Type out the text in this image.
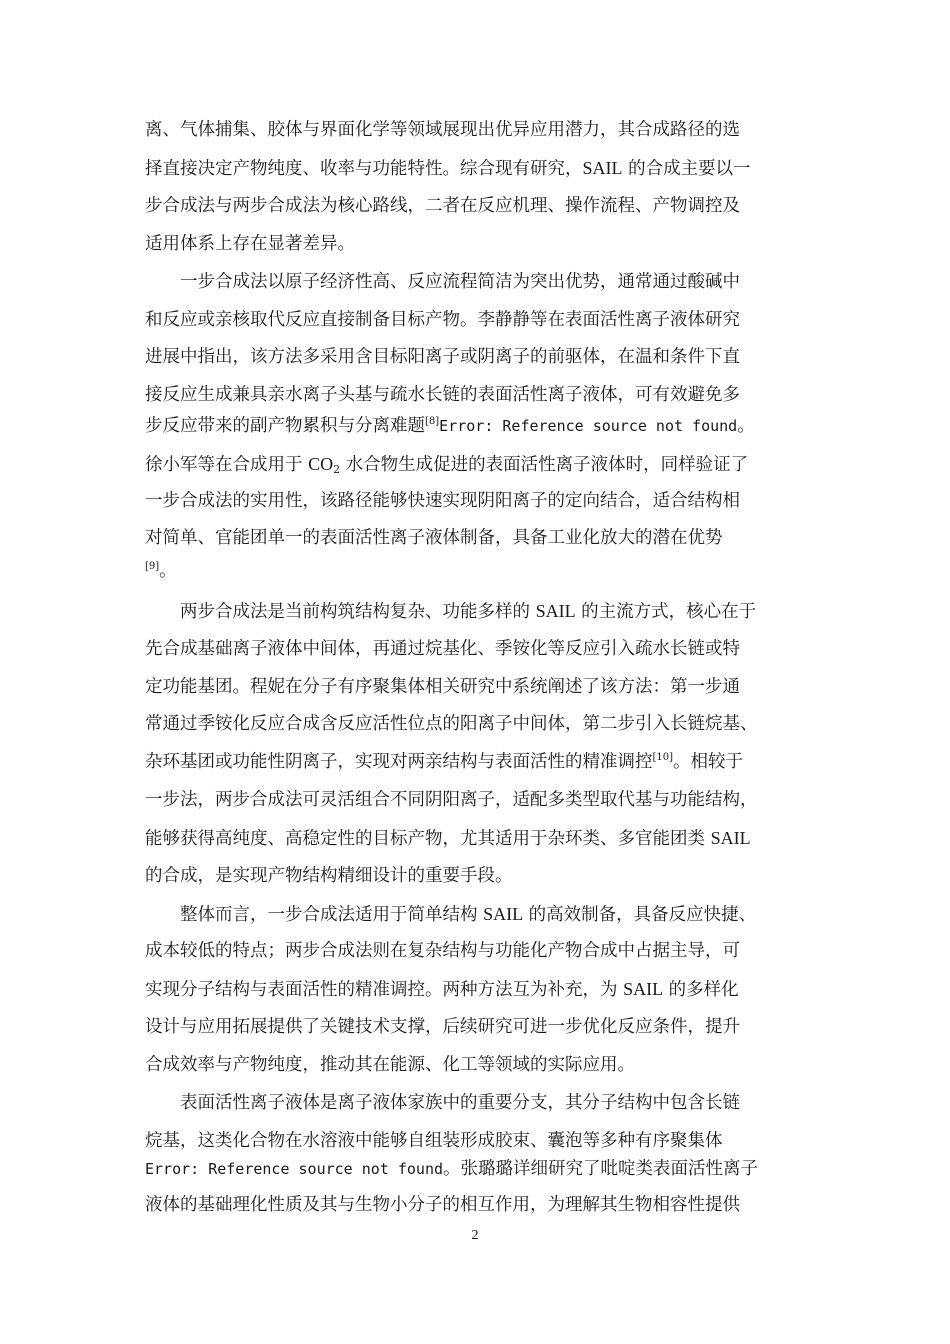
离、气体捕集、胶体与界面化学等领域展现出优异应用潜力，其合成路径的选
择直接决定产物纯度、收率与功能特性。综合现有研究，SAIL 的合成主要以一
步合成法与两步合成法为核心路线，二者在反应机理、操作流程、产物调控及
适用体系上存在显著差异。
一步合成法以原子经济性高、反应流程简洁为突出优势，通常通过酸碱中
和反应或亲核取代反应直接制备目标产物。李静静等在表面活性离子液体研究
进展中指出，该方法多采用含目标阳离子或阴离子的前驱体，在温和条件下直
接反应生成兼具亲水离子头基与疏水长链的表面活性离子液体，可有效避免多
步反应带来的副产物累积与分离难题[8]Error: Reference source not found。
徐小军等在合成用于 $CO_2$ 水合物生成促进的表面活性离子液体时，同样验证了
一步合成法的实用性，该路径能够快速实现阴阳离子的定向结合，适合结构相
对简单、官能团单一的表面活性离子液体制备，具备工业化放大的潜在优势
[9]。
两步合成法是当前构筑结构复杂、功能多样的 SAIL 的主流方式，核心在于
先合成基础离子液体中间体，再通过烷基化、季铵化等反应引入疏水长链或特
定功能基团。程妮在分子有序聚集体相关研究中系统阐述了该方法：第一步通
常通过季铵化反应合成含反应活性位点的阳离子中间体，第二步引入长链烷基、
杂环基团或功能性阴离子，实现对两亲结构与表面活性的精准调控[10]。相较于
一步法，两步合成法可灵活组合不同阴阳离子，适配多类型取代基与功能结构，
能够获得高纯度、高稳定性的目标产物，尤其适用于杂环类、多官能团类 SAIL
的合成，是实现产物结构精细设计的重要手段。
整体而言，一步合成法适用于简单结构 SAIL 的高效制备，具备反应快捷、
成本较低的特点；两步合成法则在复杂结构与功能化产物合成中占据主导，可
实现分子结构与表面活性的精准调控。两种方法互为补充，为 SAIL 的多样化
设计与应用拓展提供了关键技术支撑，后续研究可进一步优化反应条件，提升
合成效率与产物纯度，推动其在能源、化工等领域的实际应用。
表面活性离子液体是离子液体家族中的重要分支，其分子结构中包含长链
烷基，这类化合物在水溶液中能够自组装形成胶束、囊泡等多种有序聚集体
Error: Reference source not found。张璐璐详细研究了吡啶类表面活性离子
液体的基础理化性质及其与生物小分子的相互作用，为理解其生物相容性提供
2
